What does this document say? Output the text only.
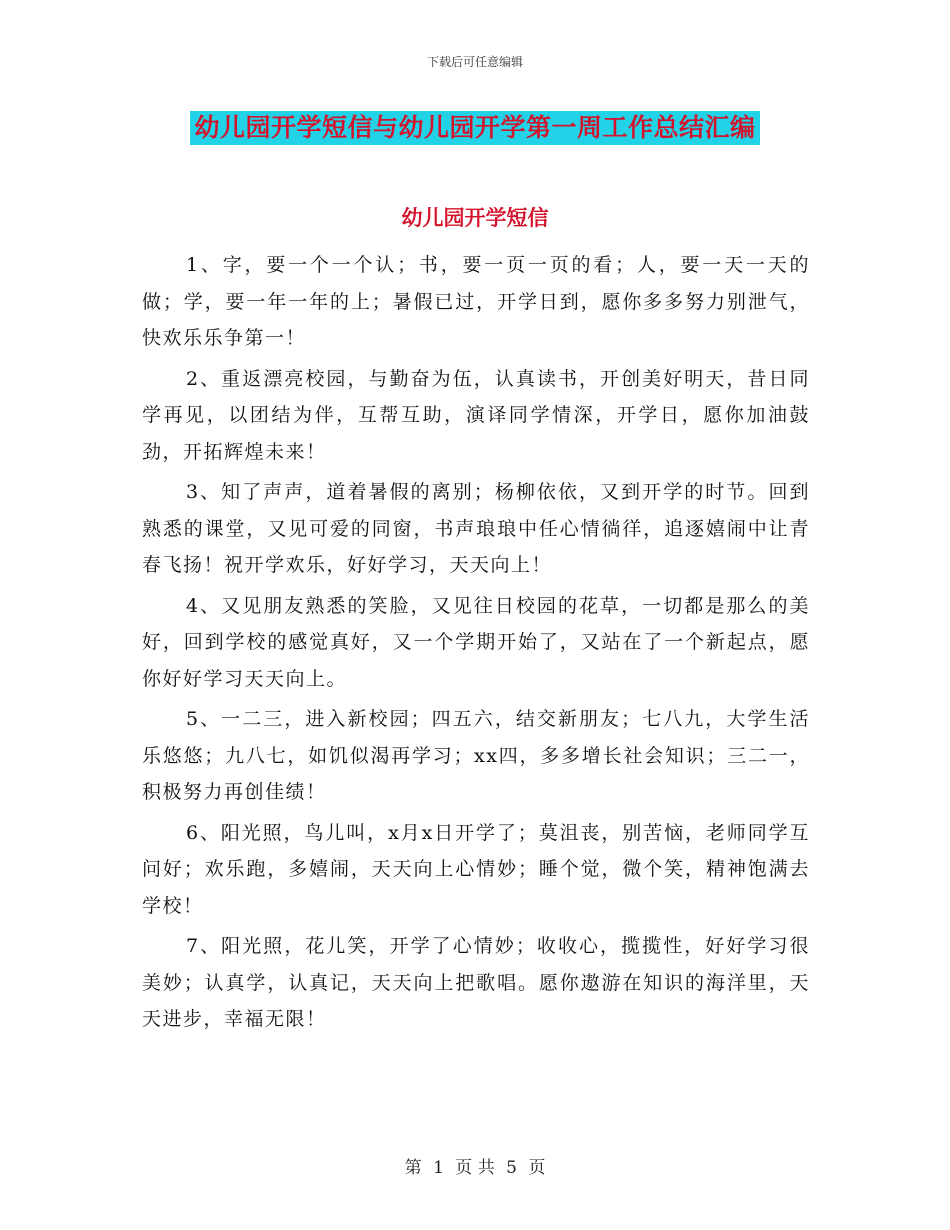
下载后可任意编辑
幼儿园开学短信与幼儿园开学第一周工作总结汇编
幼儿园开学短信

1、字，要一个一个认；书，要一页一页的看；人，要一天一天的做；学，要一年一年的上；暑假已过，开学日到，愿你多多努力别泄气，快欢乐乐争第一！

2、重返漂亮校园，与勤奋为伍，认真读书，开创美好明天，昔日同学再见，以团结为伴，互帮互助，演译同学情深，开学日，愿你加油鼓劲，开拓辉煌未来！

3、知了声声，道着暑假的离别；杨柳依依，又到开学的时节。回到熟悉的课堂，又见可爱的同窗，书声琅琅中任心情徜徉，追逐嬉闹中让青春飞扬！祝开学欢乐，好好学习，天天向上！

4、又见朋友熟悉的笑脸，又见往日校园的花草，一切都是那么的美好，回到学校的感觉真好，又一个学期开始了，又站在了一个新起点，愿你好好学习天天向上。

5、一二三，进入新校园；四五六，结交新朋友；七八九，大学生活乐悠悠；九八七，如饥似渴再学习；xx四，多多增长社会知识；三二一，积极努力再创佳绩！

6、阳光照，鸟儿叫，x月x日开学了；莫沮丧，别苦恼，老师同学互问好；欢乐跑，多嬉闹，天天向上心情妙；睡个觉，微个笑，精神饱满去学校！

7、阳光照，花儿笑，开学了心情妙；收收心，揽揽性，好好学习很美妙；认真学，认真记，天天向上把歌唱。愿你遨游在知识的海洋里，天天进步，幸福无限！

第 1 页 共 5 页
